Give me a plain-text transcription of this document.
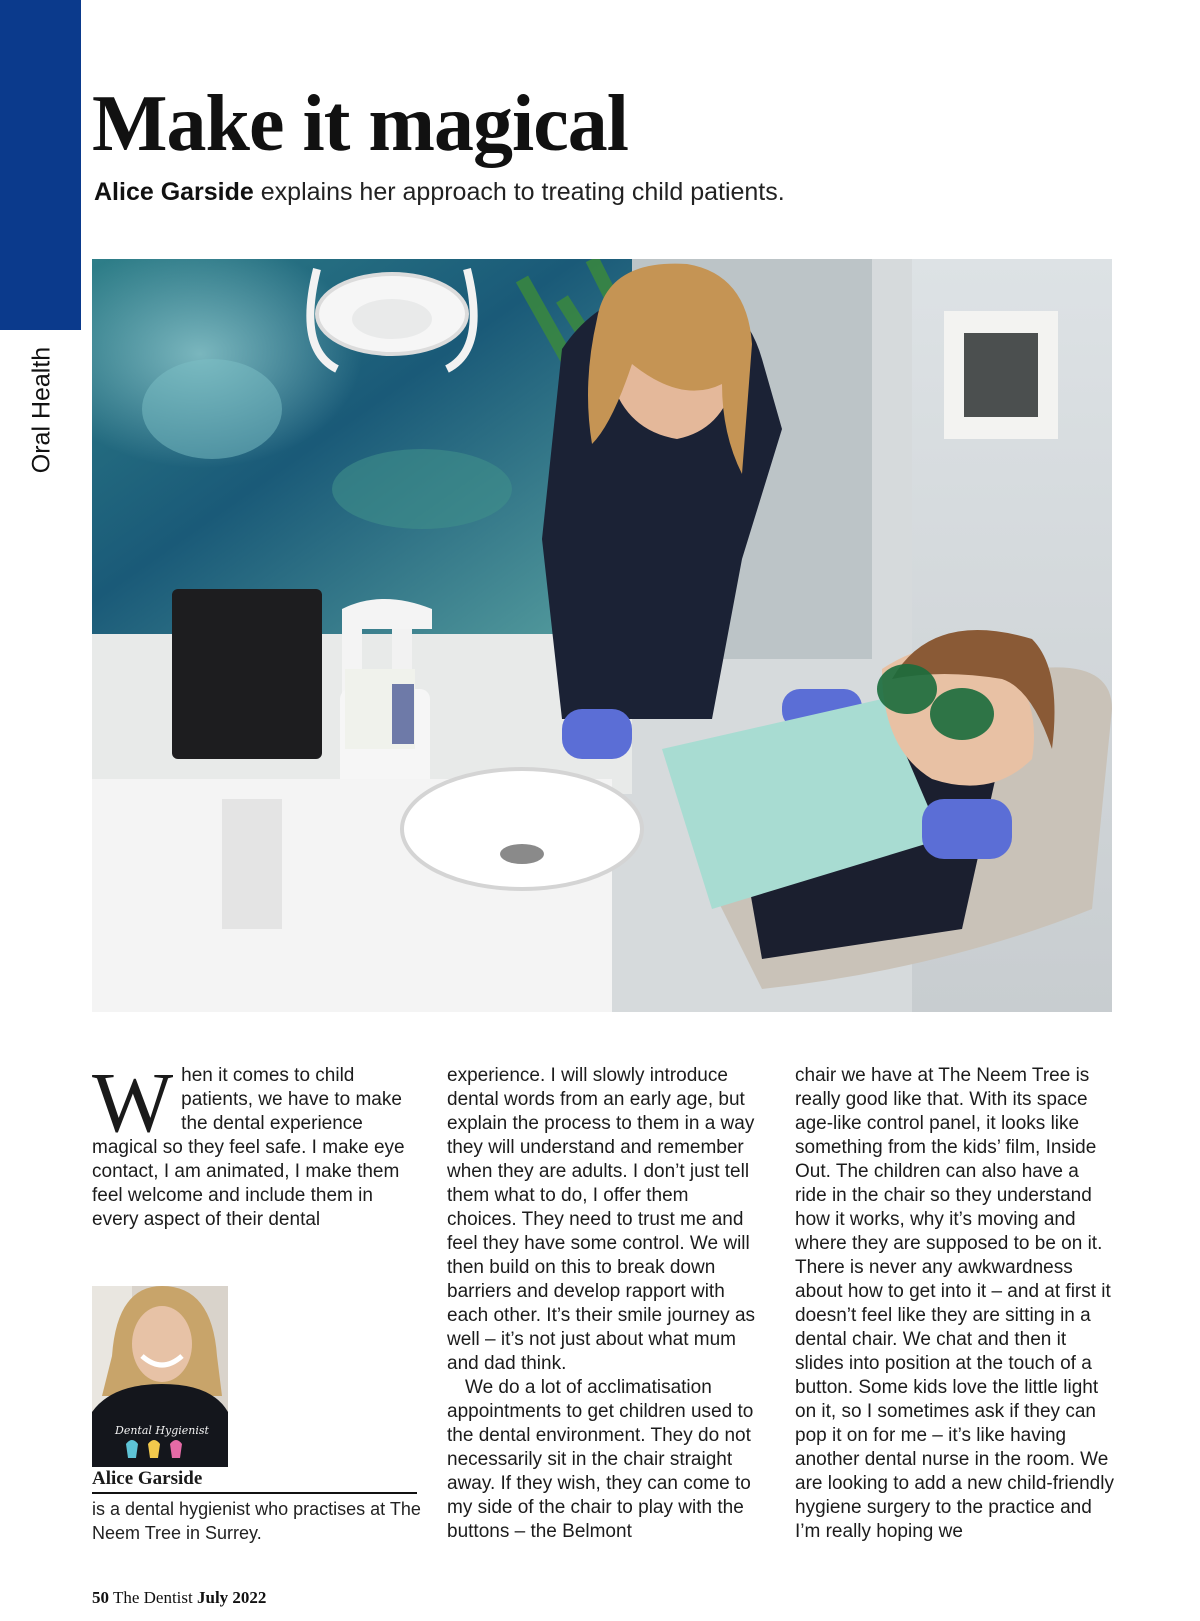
Oral Health
Make it magical
Alice Garside explains her approach to treating child patients.
W hen it comes to child patients, we have to make the dental experience magical so they feel safe. I make eye contact, I am animated, I make them feel welcome and include them in every aspect of their dental

experience. I will slowly introduce dental words from an early age, but explain the process to them in a way they will understand and remember when they are adults. I don’t just tell them what to do, I offer them choices. They need to trust me and feel they have some control. We will then build on this to break down barriers and develop rapport with each other. It’s their smile journey as well – it’s not just about what mum and dad think.

We do a lot of acclimatisation appointments to get children used to the dental environment. They do not necessarily sit in the chair straight away. If they wish, they can come to my side of the chair to play with the buttons – the Belmont

chair we have at The Neem Tree is really good like that. With its space age-like control panel, it looks like something from the kids’ film, Inside Out. The children can also have a ride in the chair so they understand how it works, why it’s moving and where they are supposed to be on it. There is never any awkwardness about how to get into it – and at first it doesn’t feel like they are sitting in a dental chair. We chat and then it slides into position at the touch of a button. Some kids love the little light on it, so I sometimes ask if they can pop it on for me – it’s like having another dental nurse in the room. We are looking to add a new child-friendly hygiene surgery to the practice and I’m really hoping we

Dental Hygienist
Alice Garside
is a dental hygienist who practises at The Neem Tree in Surrey.
50 The Dentist July 2022
